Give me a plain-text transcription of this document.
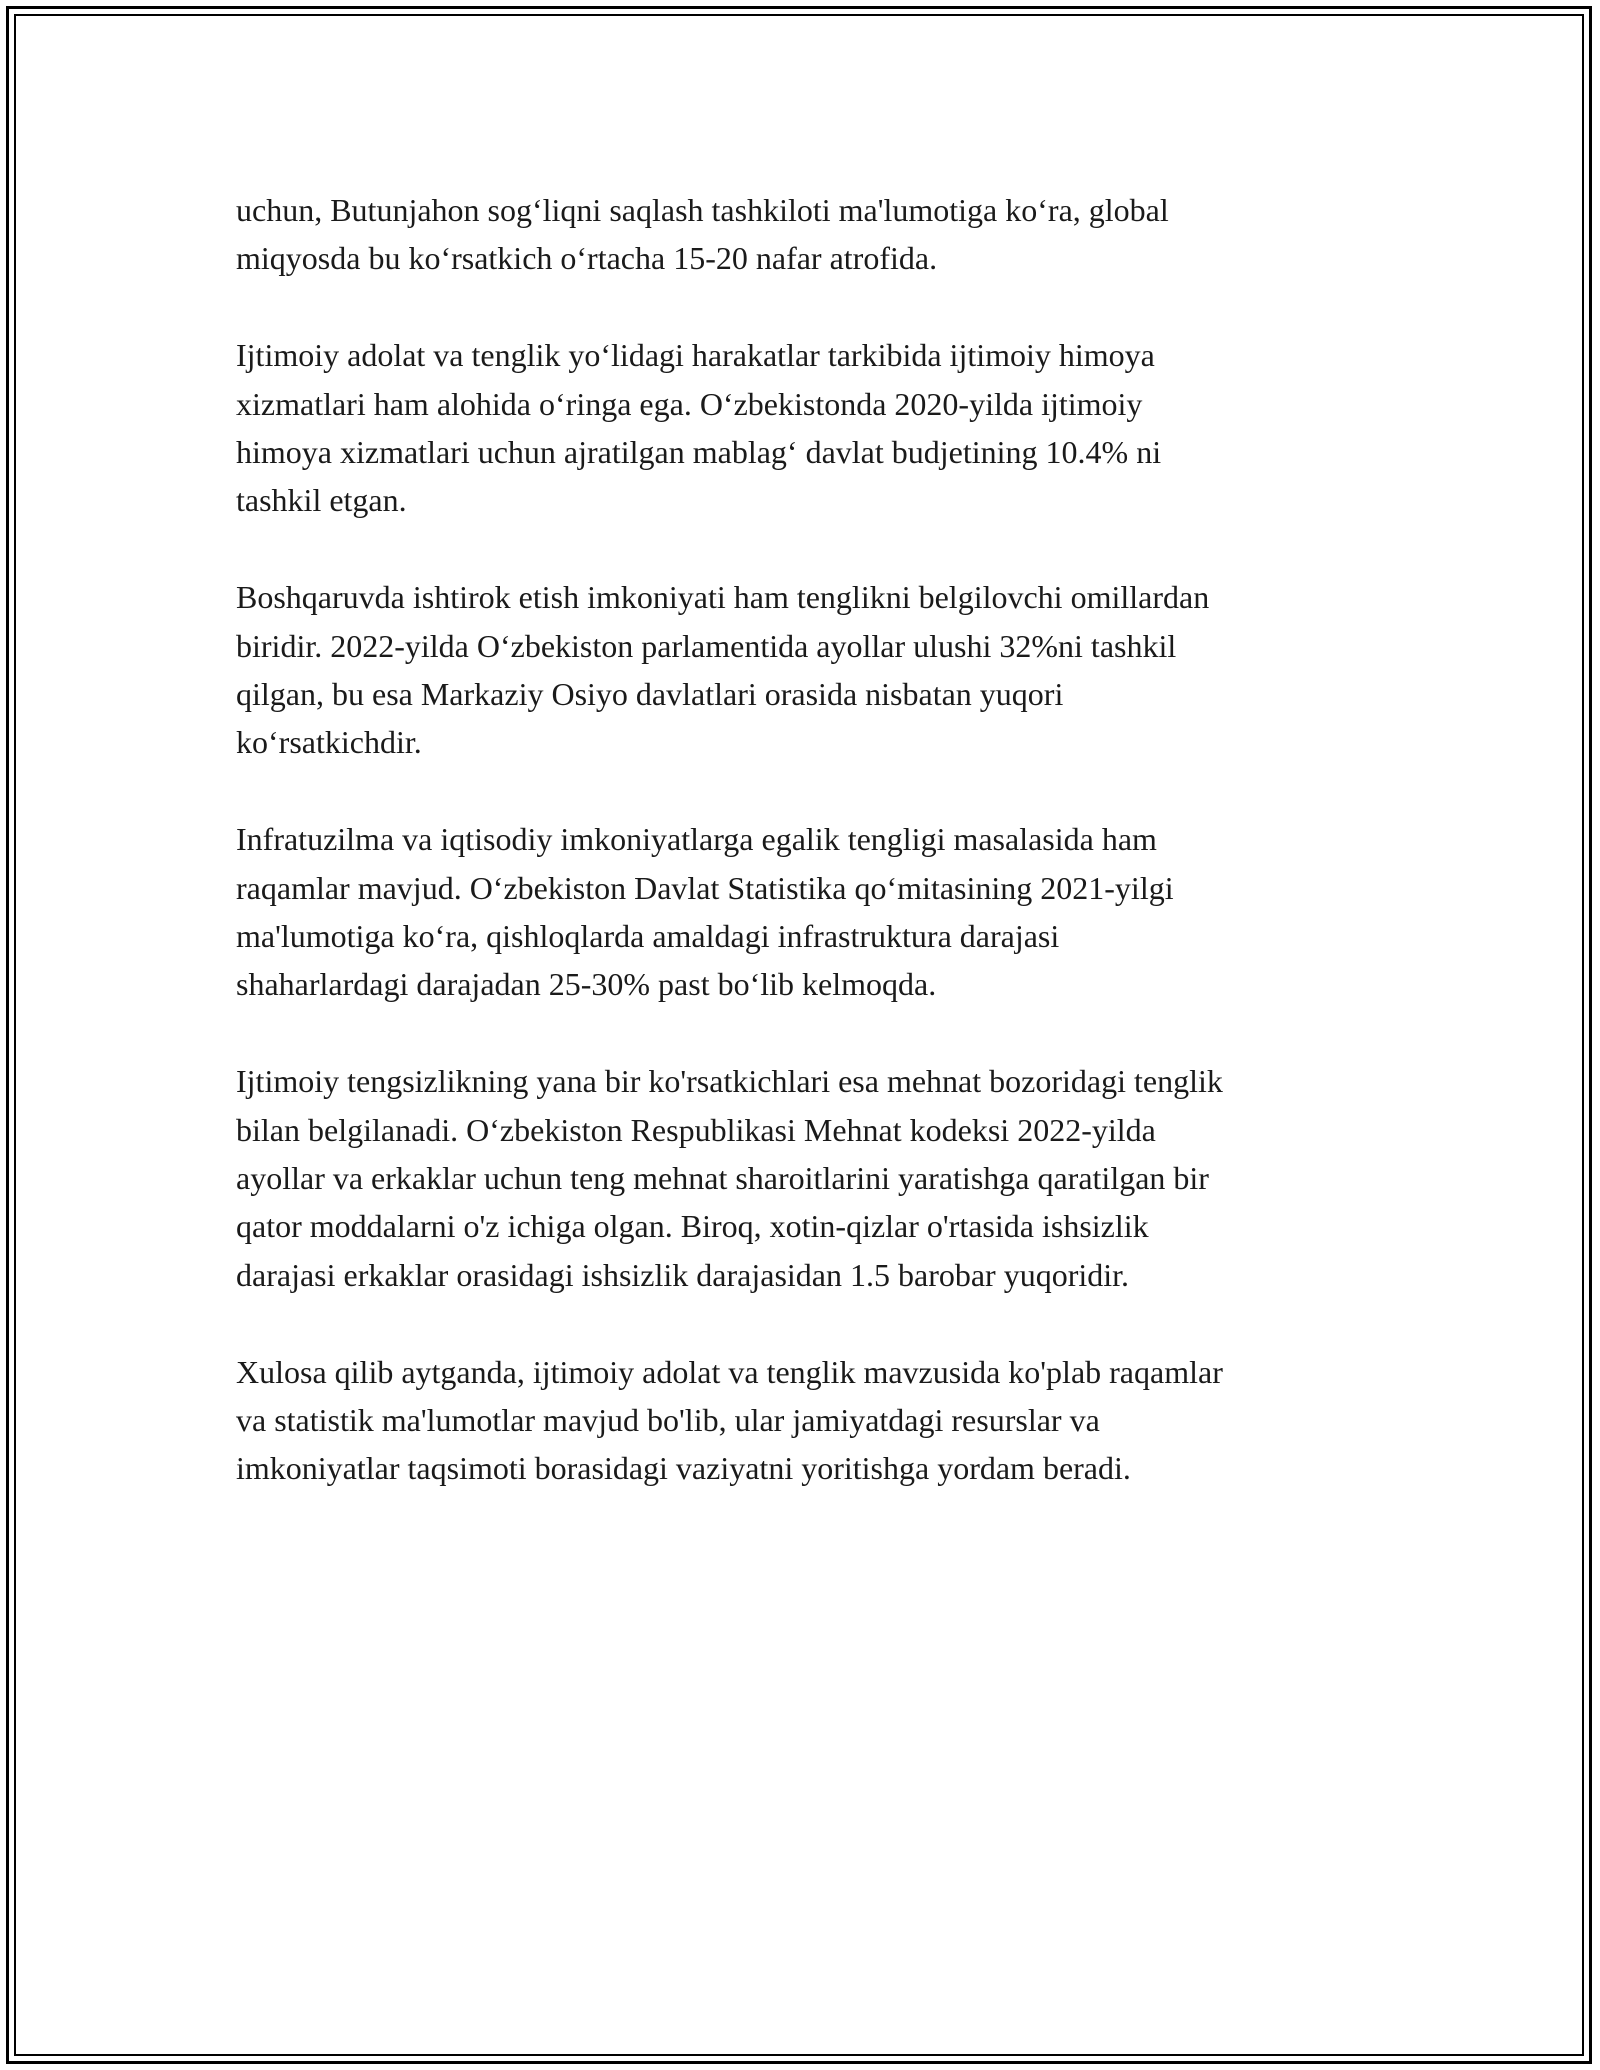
uchun, Butunjahon sog‘liqni saqlash tashkiloti ma'lumotiga ko‘ra, global
miqyosda bu ko‘rsatkich o‘rtacha 15-20 nafar atrofida.

Ijtimoiy adolat va tenglik yo‘lidagi harakatlar tarkibida ijtimoiy himoya
xizmatlari ham alohida o‘ringa ega. O‘zbekistonda 2020-yilda ijtimoiy
himoya xizmatlari uchun ajratilgan mablag‘ davlat budjetining 10.4% ni
tashkil etgan.

Boshqaruvda ishtirok etish imkoniyati ham tenglikni belgilovchi omillardan
biridir. 2022-yilda O‘zbekiston parlamentida ayollar ulushi 32%ni tashkil
qilgan, bu esa Markaziy Osiyo davlatlari orasida nisbatan yuqori
ko‘rsatkichdir.

Infratuzilma va iqtisodiy imkoniyatlarga egalik tengligi masalasida ham
raqamlar mavjud. O‘zbekiston Davlat Statistika qo‘mitasining 2021-yilgi
ma'lumotiga ko‘ra, qishloqlarda amaldagi infrastruktura darajasi
shaharlardagi darajadan 25-30% past bo‘lib kelmoqda.

Ijtimoiy tengsizlikning yana bir ko'rsatkichlari esa mehnat bozoridagi tenglik
bilan belgilanadi. O‘zbekiston Respublikasi Mehnat kodeksi 2022-yilda
ayollar va erkaklar uchun teng mehnat sharoitlarini yaratishga qaratilgan bir
qator moddalarni o'z ichiga olgan. Biroq, xotin-qizlar o'rtasida ishsizlik
darajasi erkaklar orasidagi ishsizlik darajasidan 1.5 barobar yuqoridir.

Xulosa qilib aytganda, ijtimoiy adolat va tenglik mavzusida ko'plab raqamlar
va statistik ma'lumotlar mavjud bo'lib, ular jamiyatdagi resurslar va
imkoniyatlar taqsimoti borasidagi vaziyatni yoritishga yordam beradi.
